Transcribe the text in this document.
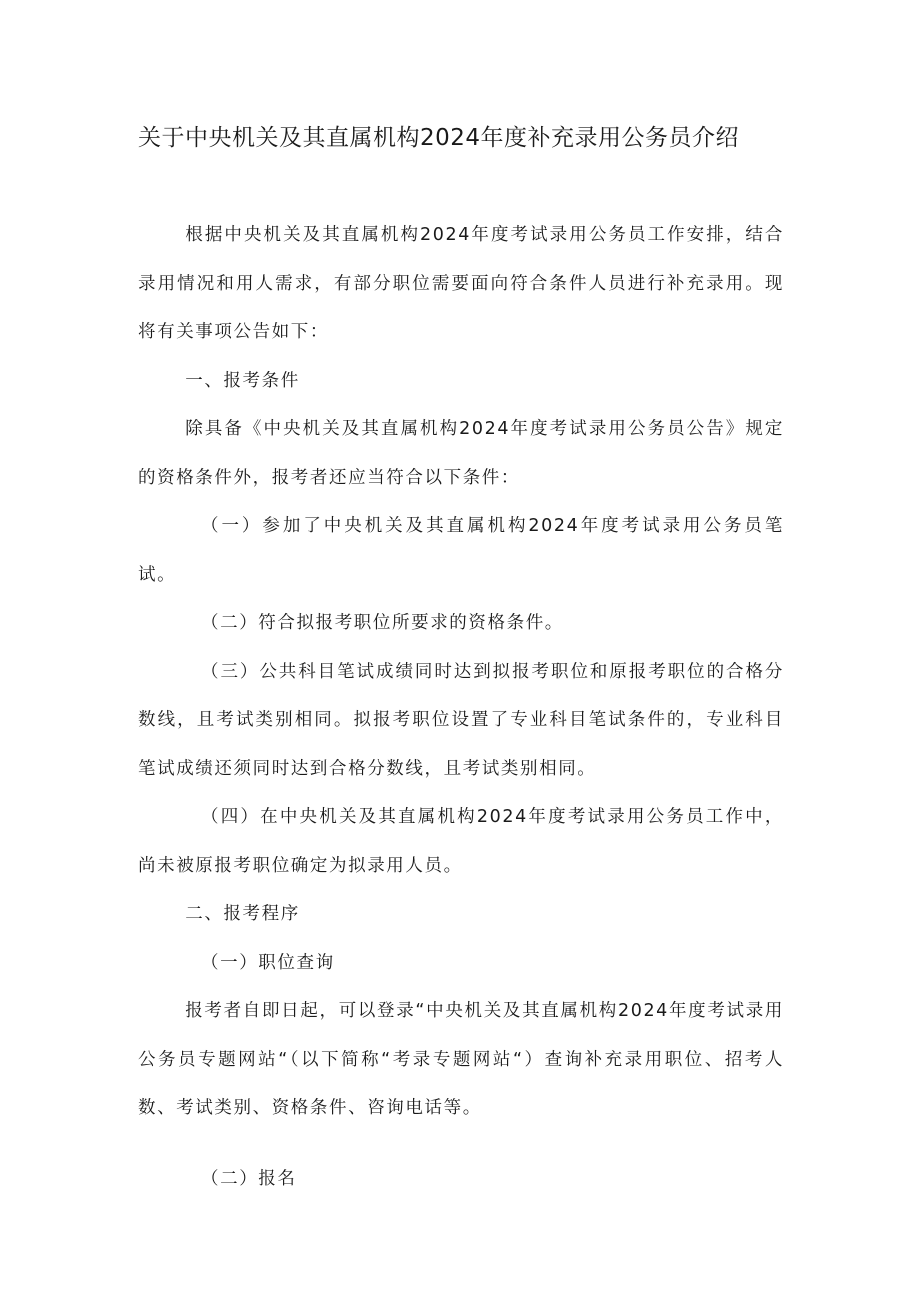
关于中央机关及其直属机构2024年度补充录用公务员介绍

根据中央机关及其直属机构2024年度考试录用公务员工作安排，结合录用情况和用人需求，有部分职位需要面向符合条件人员进行补充录用。现将有关事项公告如下：

一、报考条件

除具备《中央机关及其直属机构2024年度考试录用公务员公告》规定的资格条件外，报考者还应当符合以下条件：

（一）参加了中央机关及其直属机构2024年度考试录用公务员笔试。

（二）符合拟报考职位所要求的资格条件。

（三）公共科目笔试成绩同时达到拟报考职位和原报考职位的合格分数线，且考试类别相同。拟报考职位设置了专业科目笔试条件的，专业科目笔试成绩还须同时达到合格分数线，且考试类别相同。

（四）在中央机关及其直属机构2024年度考试录用公务员工作中，尚未被原报考职位确定为拟录用人员。

二、报考程序

（一）职位查询

报考者自即日起，可以登录“中央机关及其直属机构2024年度考试录用公务员专题网站“（以下简称“考录专题网站“）查询补充录用职位、招考人数、考试类别、资格条件、咨询电话等。

（二）报名
